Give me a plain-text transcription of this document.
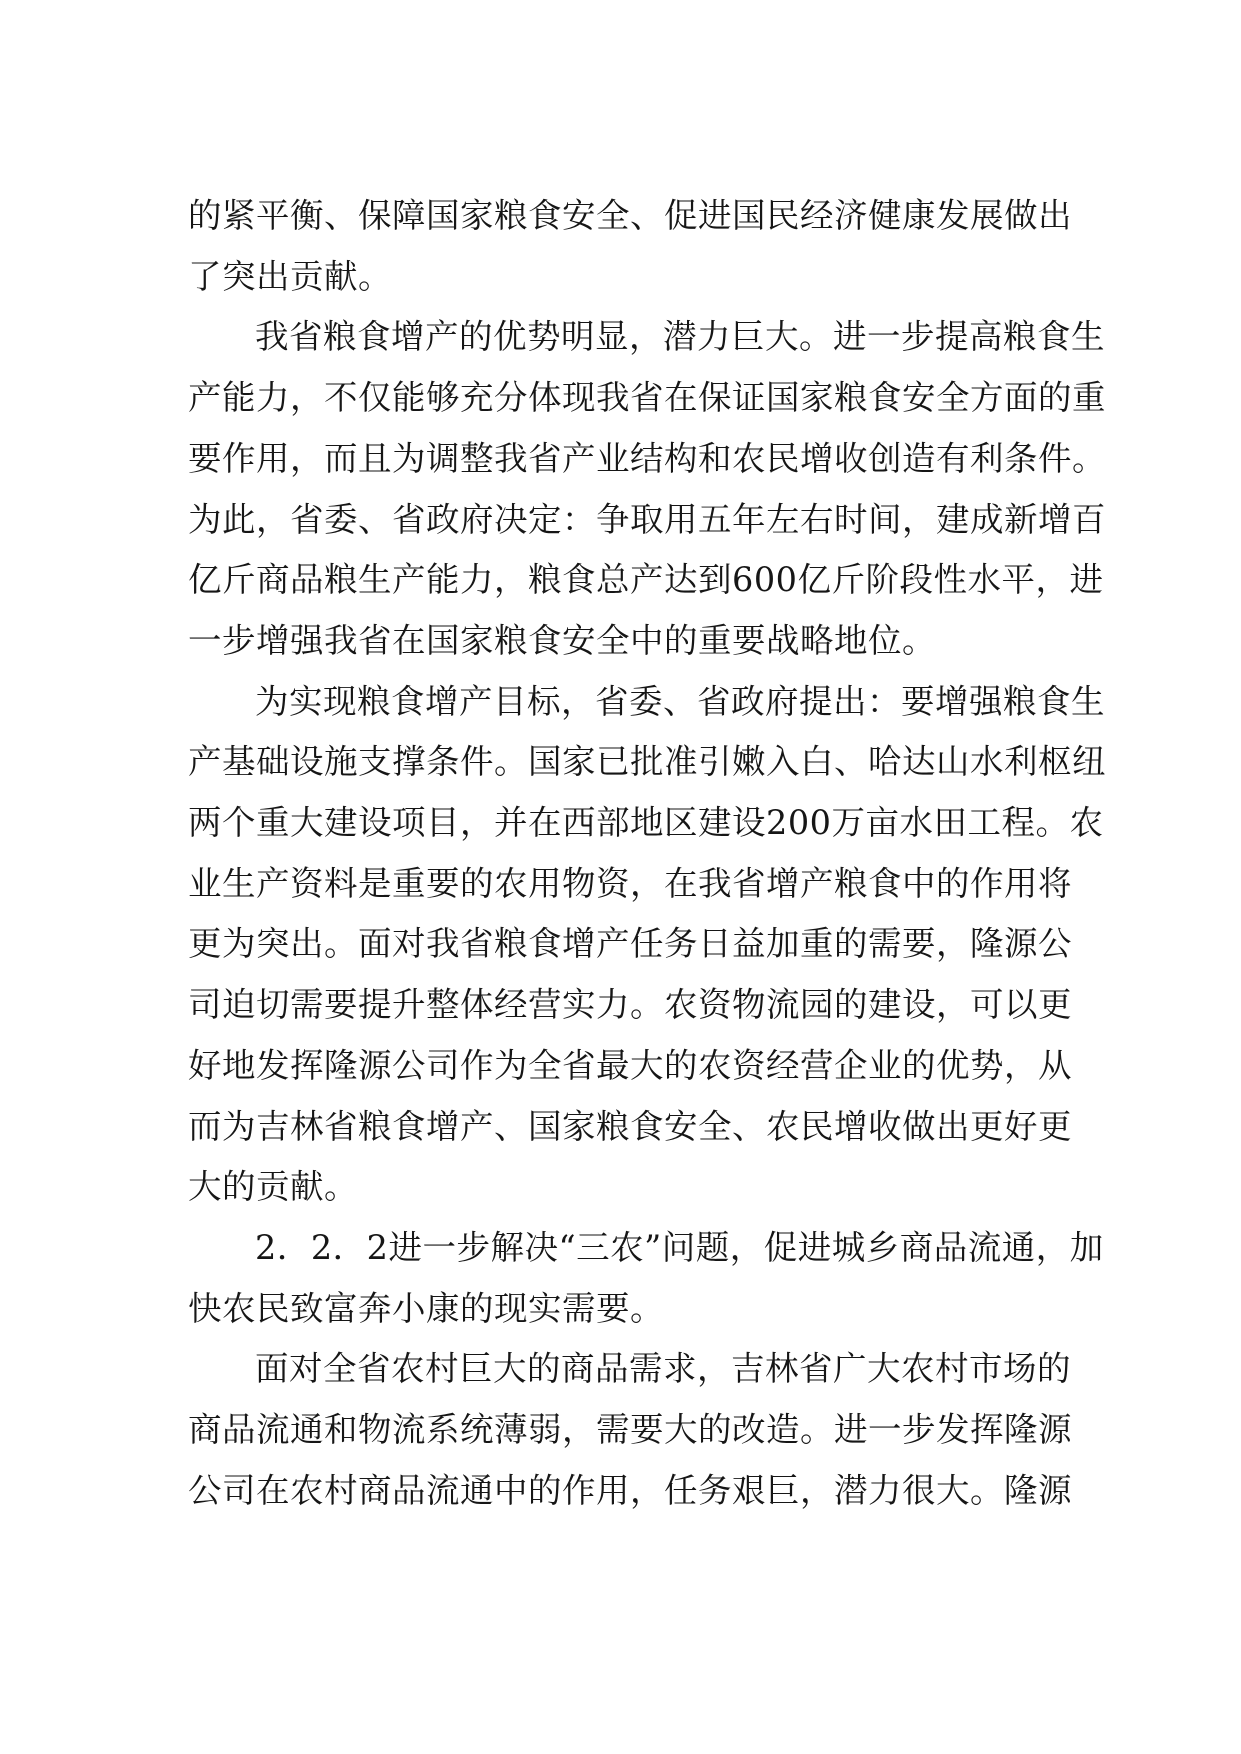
的紧平衡、保障国家粮食安全、促进国民经济健康发展做出
了突出贡献。

我省粮食增产的优势明显，潜力巨大。进一步提高粮食生
产能力，不仅能够充分体现我省在保证国家粮食安全方面的重
要作用，而且为调整我省产业结构和农民增收创造有利条件。
为此，省委、省政府决定：争取用五年左右时间，建成新增百
亿斤商品粮生产能力，粮食总产达到600亿斤阶段性水平，进
一步增强我省在国家粮食安全中的重要战略地位。

为实现粮食增产目标，省委、省政府提出：要增强粮食生
产基础设施支撑条件。国家已批准引嫩入白、哈达山水利枢纽
两个重大建设项目，并在西部地区建设200万亩水田工程。农
业生产资料是重要的农用物资，在我省增产粮食中的作用将
更为突出。面对我省粮食增产任务日益加重的需要，隆源公
司迫切需要提升整体经营实力。农资物流园的建设，可以更
好地发挥隆源公司作为全省最大的农资经营企业的优势，从
而为吉林省粮食增产、国家粮食安全、农民增收做出更好更
大的贡献。

2．2．2进一步解决“三农”问题，促进城乡商品流通，加
快农民致富奔小康的现实需要。

面对全省农村巨大的商品需求，吉林省广大农村市场的
商品流通和物流系统薄弱，需要大的改造。进一步发挥隆源
公司在农村商品流通中的作用，任务艰巨，潜力很大。隆源
